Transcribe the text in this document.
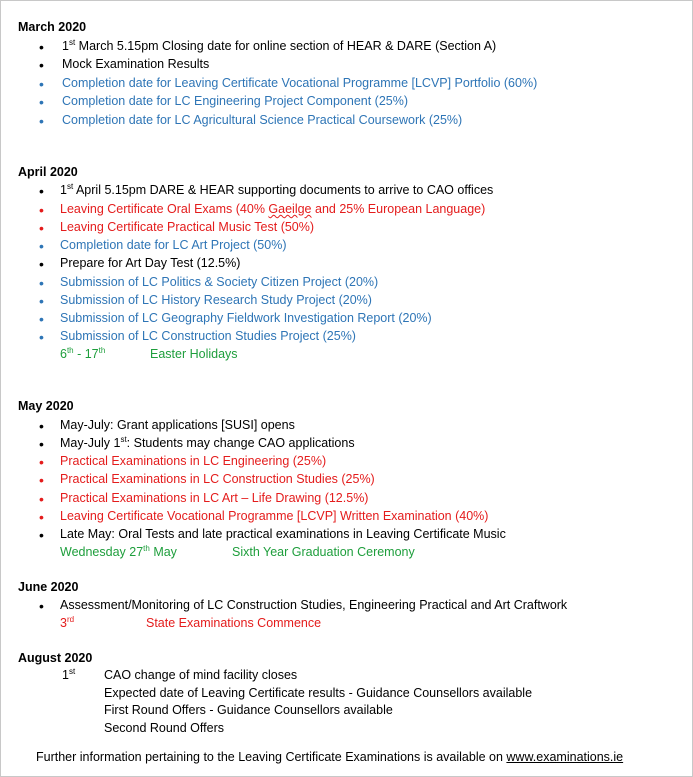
March 2020
• 1st March 5.15pm Closing date for online section of HEAR & DARE (Section A)
• Mock Examination Results
• Completion date for Leaving Certificate Vocational Programme [LCVP] Portfolio (60%)
• Completion date for LC Engineering Project Component (25%)
• Completion date for LC Agricultural Science Practical Coursework (25%)
April 2020
• 1st April 5.15pm DARE & HEAR supporting documents to arrive to CAO offices
• Leaving Certificate Oral Exams (40% Gaeilge and 25% European Language)
• Leaving Certificate Practical Music Test (50%)
• Completion date for LC Art Project (50%)
• Prepare for Art Day Test (12.5%)
• Submission of LC Politics & Society Citizen Project (20%)
• Submission of LC History Research Study Project (20%)
• Submission of LC Geography Fieldwork Investigation Report (20%)
• Submission of LC Construction Studies Project (25%)
6th - 17th	Easter Holidays
May 2020
• May-July: Grant applications [SUSI] opens
• May-July 1st: Students may change CAO applications
• Practical Examinations in LC Engineering (25%)
• Practical Examinations in LC Construction Studies (25%)
• Practical Examinations in LC Art – Life Drawing (12.5%)
• Leaving Certificate Vocational Programme [LCVP] Written Examination (40%)
• Late May: Oral Tests and late practical examinations in Leaving Certificate Music
Wednesday 27th May	Sixth Year Graduation Ceremony
June 2020
• Assessment/Monitoring of LC Construction Studies, Engineering Practical and Art Craftwork
3rd	State Examinations Commence
August 2020
1st CAO change of mind facility closes
Expected date of Leaving Certificate results - Guidance Counsellors available
First Round Offers - Guidance Counsellors available
Second Round Offers
Further information pertaining to the Leaving Certificate Examinations is available on www.examinations.ie
